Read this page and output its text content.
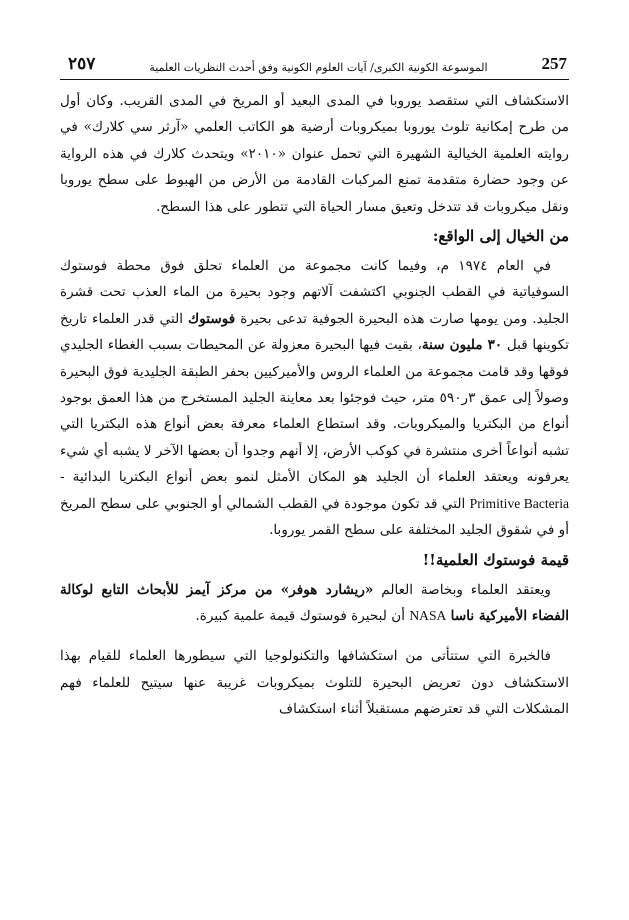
٢٥٧	الموسوعة الكونية الكبرى/ آيات العلوم الكونية وفق أحدث النظريات العلمية	257

الاستكشاف التي ستقصد يوروبا في المدى البعيد أو المريخ في المدى القريب. وكان أول من طرح إمكانية تلوث يوروبا بميكروبات أرضية هو الكاتب العلمي «آرثر سي كلارك» في روايته العلمية الخيالية الشهيرة التي تحمل عنوان «٢٠١٠» ويتحدث كلارك في هذه الرواية عن وجود حضارة متقدمة تمنع المركبات القادمة من الأرض من الهبوط على سطح يوروبا ونقل ميكروبات قد تتدخل وتعيق مسار الحياة التي تتطور على هذا السطح.

من الخيال إلى الواقع:

في العام ١٩٧٤ م، وفيما كانت مجموعة من العلماء تحلق فوق محطة فوستوك السوفياتية في القطب الجنوبي اكتشفت آلاتهم وجود بحيرة من الماء العذب تحت قشرة الجليد. ومن يومها صارت هذه البحيرة الجوفية تدعى بحيرة فوستوك التي قدر العلماء تاريخ تكوينها قبل ٣٠ مليون سنة، بقيت فيها البحيرة معزولة عن المحيطات بسبب الغطاء الجليدي فوقها وقد قامت مجموعة من العلماء الروس والأميركيين بحفر الطبقة الجليدية فوق البحيرة وصولاً إلى عمق ٣ر٥٩٠ متر، حيث فوجئوا بعد معاينة الجليد المستخرج من هذا العمق بوجود أنواع من البكتريا والميكروبات. وقد استطاع العلماء معرفة بعض أنواع هذه البكتريا التي تشبه أنواعاً أخرى منتشرة في كوكب الأرض، إلا أنهم وجدوا أن بعضها الآخر لا يشبه أي شيء يعرفونه ويعتقد العلماء أن الجليد هو المكان الأمثل لنمو بعض أنواع البكتريا البدائية - Primitive Bacteria التي قد تكون موجودة في القطب الشمالي أو الجنوبي على سطح المريخ أو في شقوق الجليد المختلفة على سطح القمر يوروبا.

قيمة فوستوك العلمية!!

ويعتقد العلماء وبخاصة العالم «ريشارد هوفر» من مركز آيمز للأبحاث التابع لوكالة الفضاء الأميركية ناسا NASA أن لبحيرة فوستوك قيمة علمية كبيرة.

فالخبرة التي ستتأتى من استكشافها والتكنولوجيا التي سيطورها العلماء للقيام بهذا الاستكشاف دون تعريض البحيرة للتلوث بميكروبات غريبة عنها سيتيح للعلماء فهم المشكلات التي قد تعترضهم مستقبلاً أثناء استكشاف
